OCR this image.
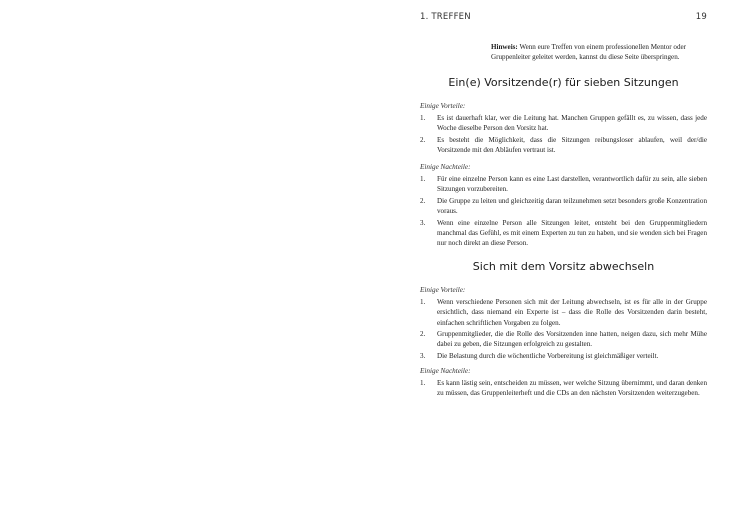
1. TREFFEN	19
Hinweis: Wenn eure Treffen von einem professionellen Mentor oder Gruppenleiter geleitet werden, kannst du diese Seite überspringen.
Ein(e) Vorsitzende(r) für sieben Sitzungen
Einige Vorteile:
1. Es ist dauerhaft klar, wer die Leitung hat. Manchen Gruppen gefällt es, zu wissen, dass jede Woche dieselbe Person den Vorsitz hat.
2. Es besteht die Möglichkeit, dass die Sitzungen reibungsloser ablaufen, weil der/die Vorsitzende mit den Abläufen vertraut ist.
Einige Nachteile:
1. Für eine einzelne Person kann es eine Last darstellen, verantwortlich dafür zu sein, alle sieben Sitzungen vorzubereiten.
2. Die Gruppe zu leiten und gleichzeitig daran teilzunehmen setzt besonders große Konzentration voraus.
3. Wenn eine einzelne Person alle Sitzungen leitet, entsteht bei den Gruppenmitgliedern manchmal das Gefühl, es mit einem Experten zu tun zu haben, und sie wenden sich bei Fragen nur noch direkt an diese Person.
Sich mit dem Vorsitz abwechseln
Einige Vorteile:
1. Wenn verschiedene Personen sich mit der Leitung abwechseln, ist es für alle in der Gruppe ersichtlich, dass niemand ein Experte ist – dass die Rolle des Vorsitzenden darin besteht, einfachen schriftlichen Vorgaben zu folgen.
2. Gruppenmitglieder, die die Rolle des Vorsitzenden inne hatten, neigen dazu, sich mehr Mühe dabei zu geben, die Sitzungen erfolgreich zu gestalten.
3. Die Belastung durch die wöchentliche Vorbereitung ist gleichmäßiger verteilt.
Einige Nachteile:
1. Es kann lästig sein, entscheiden zu müssen, wer welche Sitzung übernimmt, und daran denken zu müssen, das Gruppenleiterheft und die CDs an den nächsten Vorsitzenden weiterzugeben.
